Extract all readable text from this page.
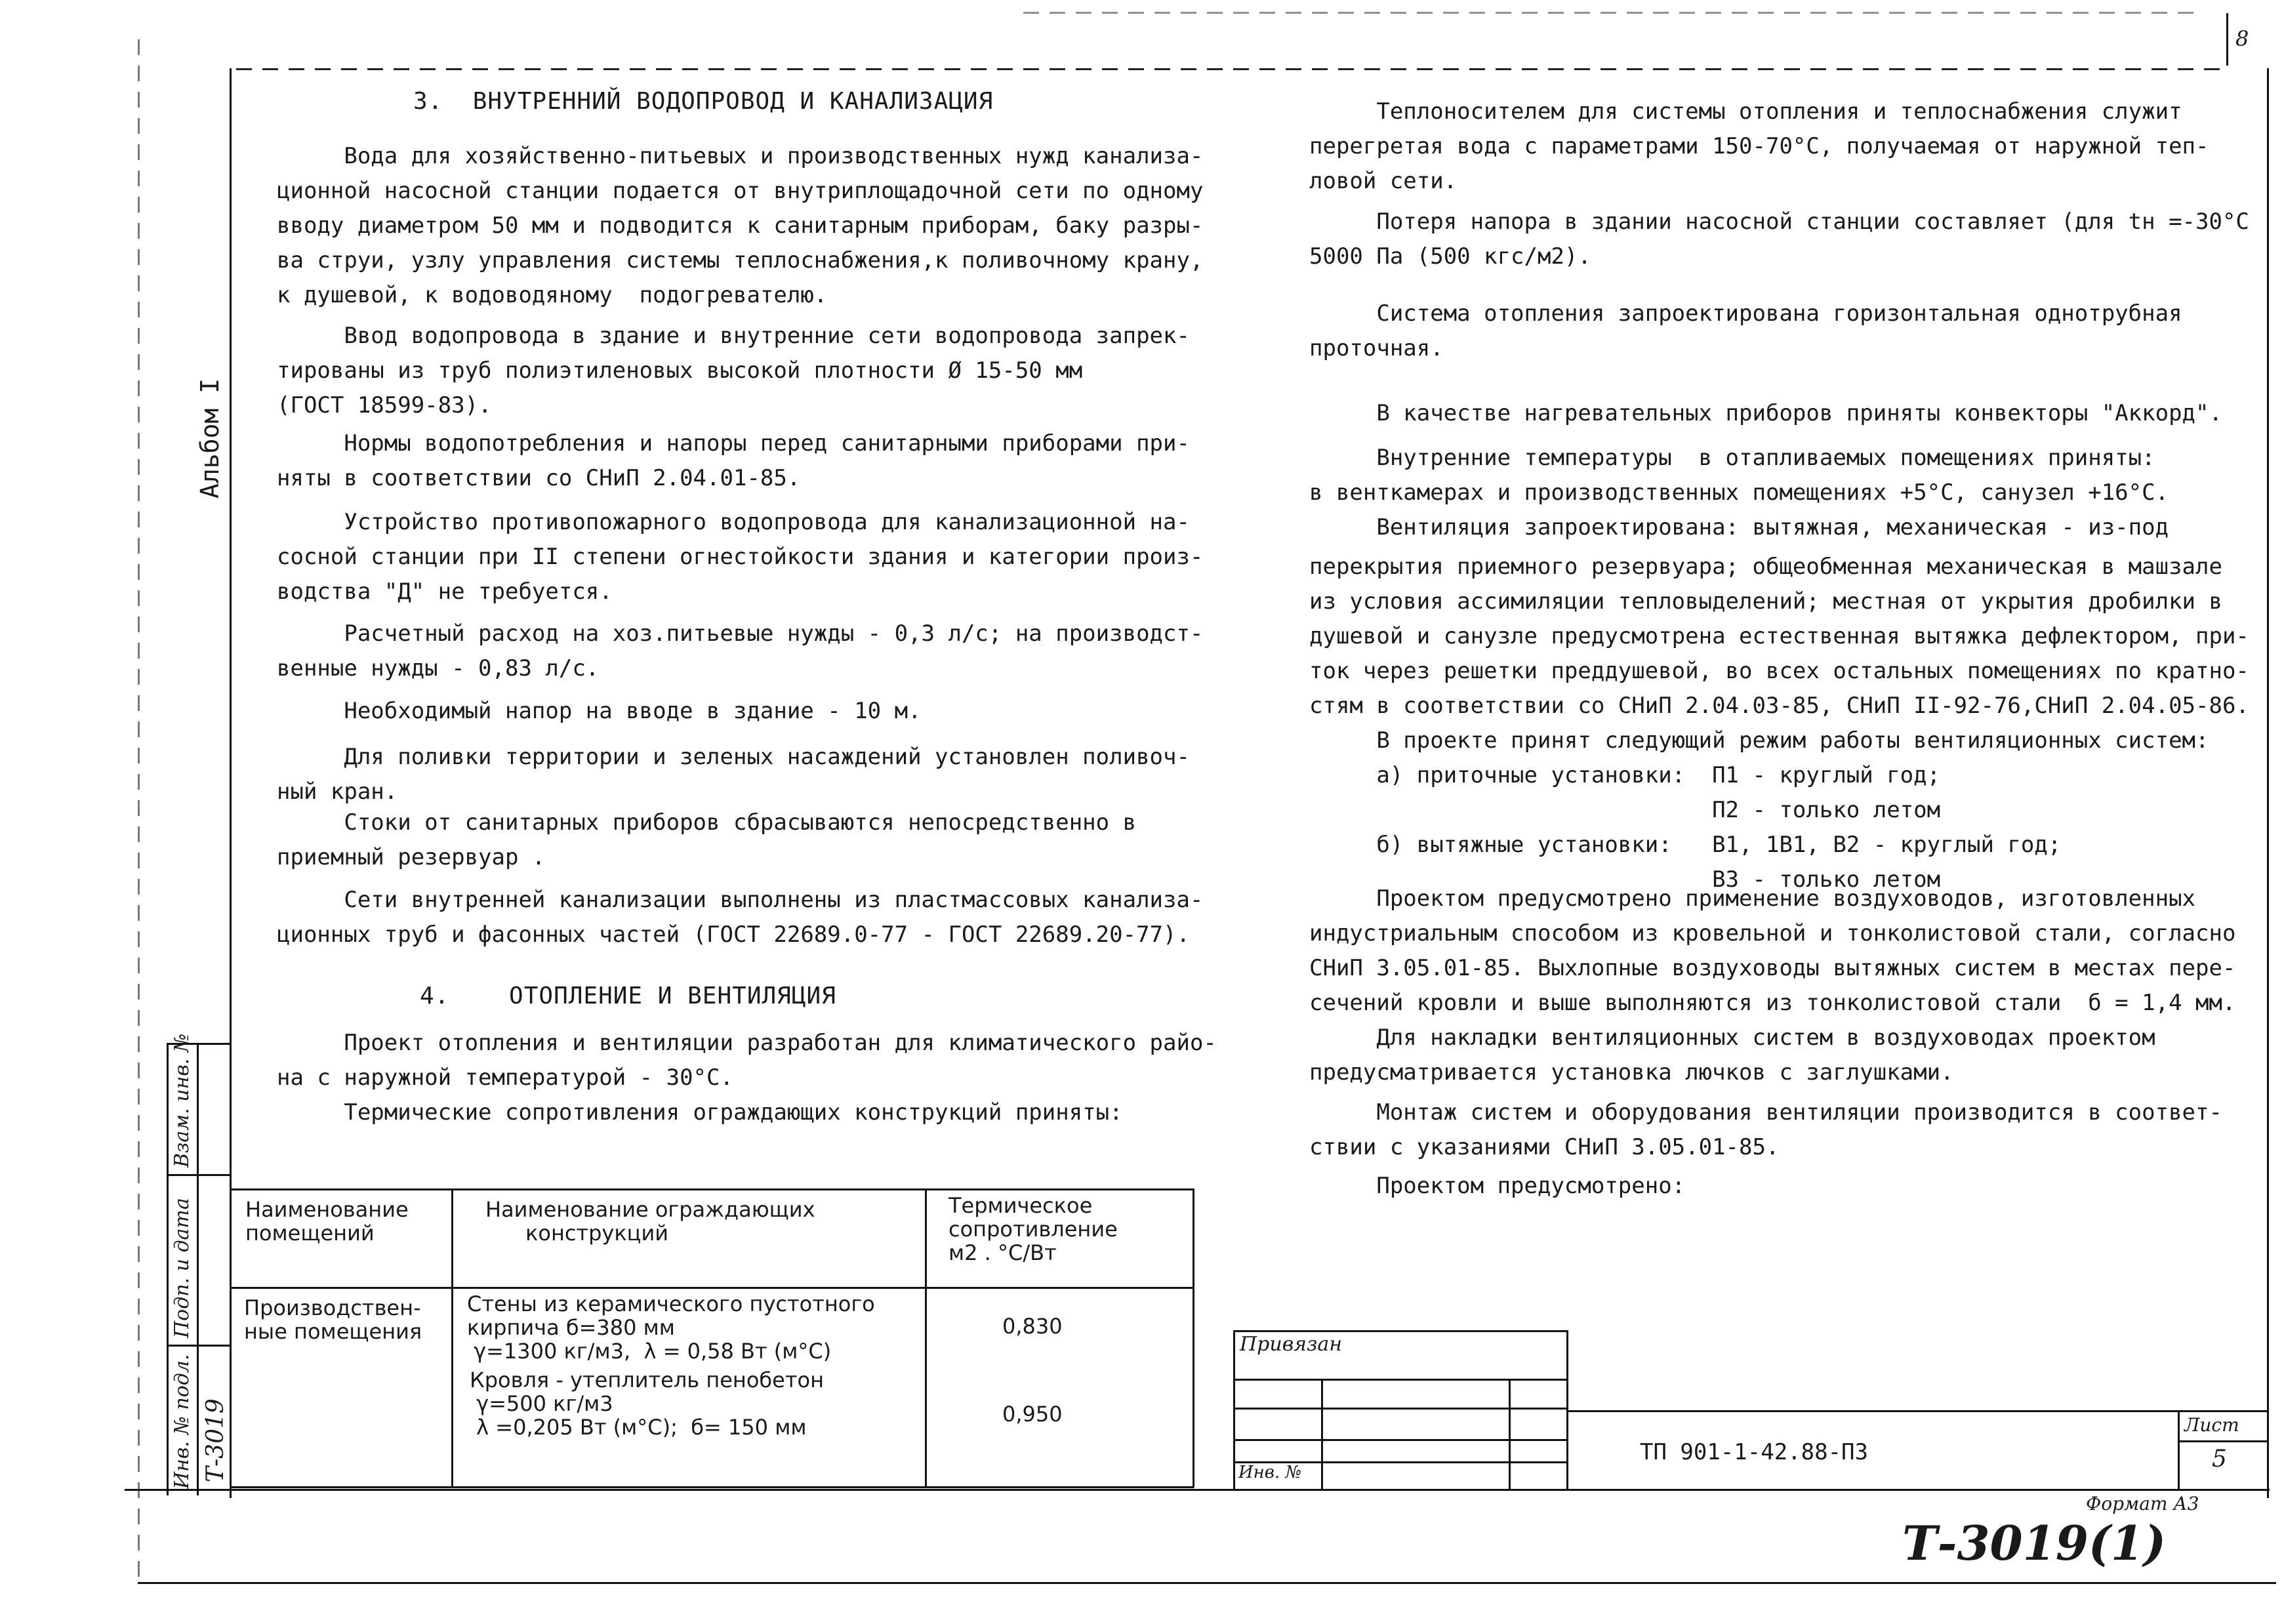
8
Альбом I
Взам. инв. №
Подп. и дата
Инв. № подл. Т-3019
3.  ВНУТРЕННИЙ ВОДОПРОВОД И КАНАЛИЗАЦИЯ
Вода для хозяйственно-питьевых и производственных нужд канализа-
ционной насосной станции подается от внутриплощадочной сети по одному
вводу диаметром 50 мм и подводится к санитарным приборам, баку разры-
ва струи, узлу управления системы теплоснабжения,к поливочному крану,
к душевой, к водоводяному  подогревателю.
Ввод водопровода в здание и внутренние сети водопровода запрек-
тированы из труб полиэтиленовых высокой плотности Ø 15-50 мм
(ГОСТ 18599-83).
Нормы водопотребления и напоры перед санитарными приборами при-
няты в соответствии со СНиП 2.04.01-85.
Устройство противопожарного водопровода для канализационной на-
сосной станции при II степени огнестойкости здания и категории произ-
водства "Д" не требуется.
Расчетный расход на хоз.питьевые нужды - 0,3 л/с; на производст-
венные нужды - 0,83 л/с.
Необходимый напор на вводе в здание - 10 м.
Для поливки территории и зеленых насаждений установлен поливоч-
ный кран.
Стоки от санитарных приборов сбрасываются непосредственно в
приемный резервуар .
Сети внутренней канализации выполнены из пластмассовых канализа-
ционных труб и фасонных частей (ГОСТ 22689.0-77 - ГОСТ 22689.20-77).
4.    ОТОПЛЕНИЕ И ВЕНТИЛЯЦИЯ
Проект отопления и вентиляции разработан для климатического райо-
на с наружной температурой - 30°С.
Термические сопротивления ограждающих конструкций приняты:
Наименование
помещений
Наименование ограждающих
конструкций
Термическое
сопротивление
м2 . °С/Вт
Производствен-
ные помещения
Стены из керамического пустотного
кирпича б=380 мм
γ=1300 кг/м3,  λ = 0,58 Вт (м°С)
0,830
Кровля - утеплитель пенобетон
γ=500 кг/м3
λ =0,205 Вт (м°С);  б= 150 мм
0,950
Теплоносителем для системы отопления и теплоснабжения служит
перегретая вода с параметрами 150-70°С, получаемая от наружной теп-
ловой сети.
Потеря напора в здании насосной станции составляет (для tн =-30°С
5000 Па (500 кгс/м2).
Система отопления запроектирована горизонтальная однотрубная
проточная.
В качестве нагревательных приборов приняты конвекторы "Аккорд".
Внутренние температуры  в отапливаемых помещениях приняты:
в венткамерах и производственных помещениях +5°С, санузел +16°С.
Вентиляция запроектирована: вытяжная, механическая - из-под
перекрытия приемного резервуара; общеобменная механическая в машзале
из условия ассимиляции тепловыделений; местная от укрытия дробилки в
душевой и санузле предусмотрена естественная вытяжка дефлектором, при-
ток через решетки преддушевой, во всех остальных помещениях по кратно-
стям в соответствии со СНиП 2.04.03-85, СНиП II-92-76,СНиП 2.04.05-86.
В проекте принят следующий режим работы вентиляционных систем:
а) приточные установки:  П1 - круглый год;
П2 - только летом
б) вытяжные установки:   В1, 1В1, В2 - круглый год;
В3 - только летом
Проектом предусмотрено применение воздуховодов, изготовленных
индустриальным способом из кровельной и тонколистовой стали, согласно
СНиП 3.05.01-85. Выхлопные воздуховоды вытяжных систем в местах пере-
сечений кровли и выше выполняются из тонколистовой стали  б = 1,4 мм.
Для накладки вентиляционных систем в воздуховодах проектом
предусматривается установка лючков с заглушками.
Монтаж систем и оборудования вентиляции производится в соответ-
ствии с указаниями СНиП 3.05.01-85.
Проектом предусмотрено:
Привязан
Инв. №
ТП 901-1-42.88-ПЗ
Лист
5
Формат А3
Т-3019(1)
